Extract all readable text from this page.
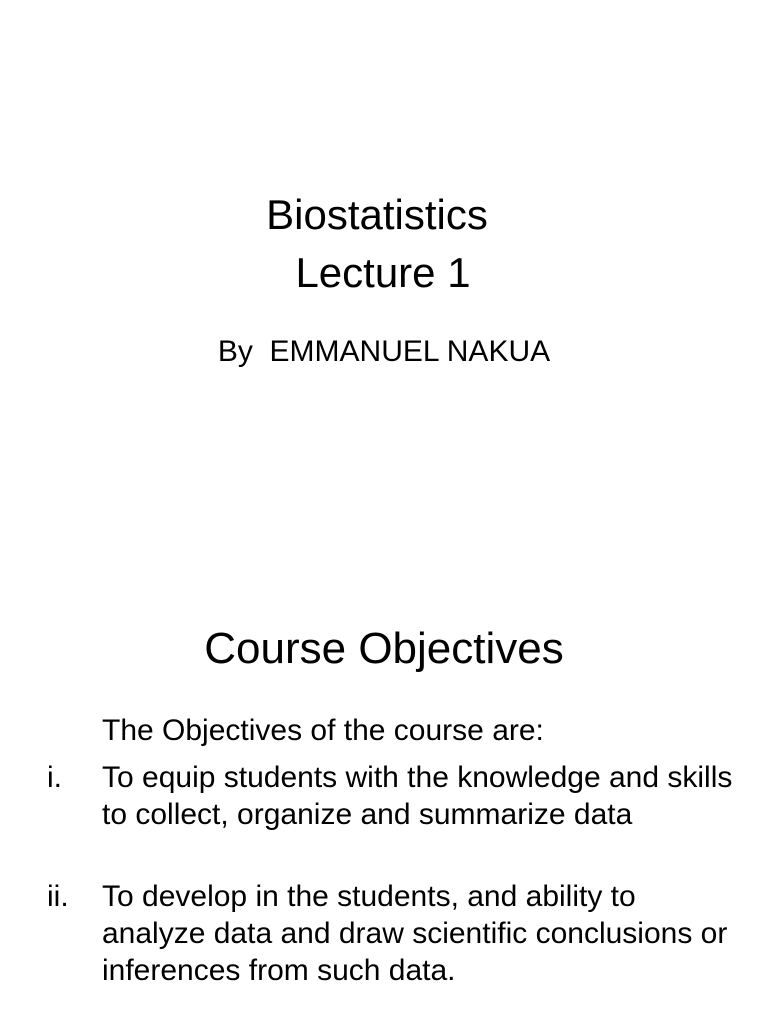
Biostatistics
Lecture 1
By  EMMANUEL NAKUA
Course Objectives
The Objectives of the course are:
i. To equip students with the knowledge and skills to collect, organize and summarize data
ii. To develop in the students, and ability to analyze data and draw scientific conclusions or inferences from such data.
